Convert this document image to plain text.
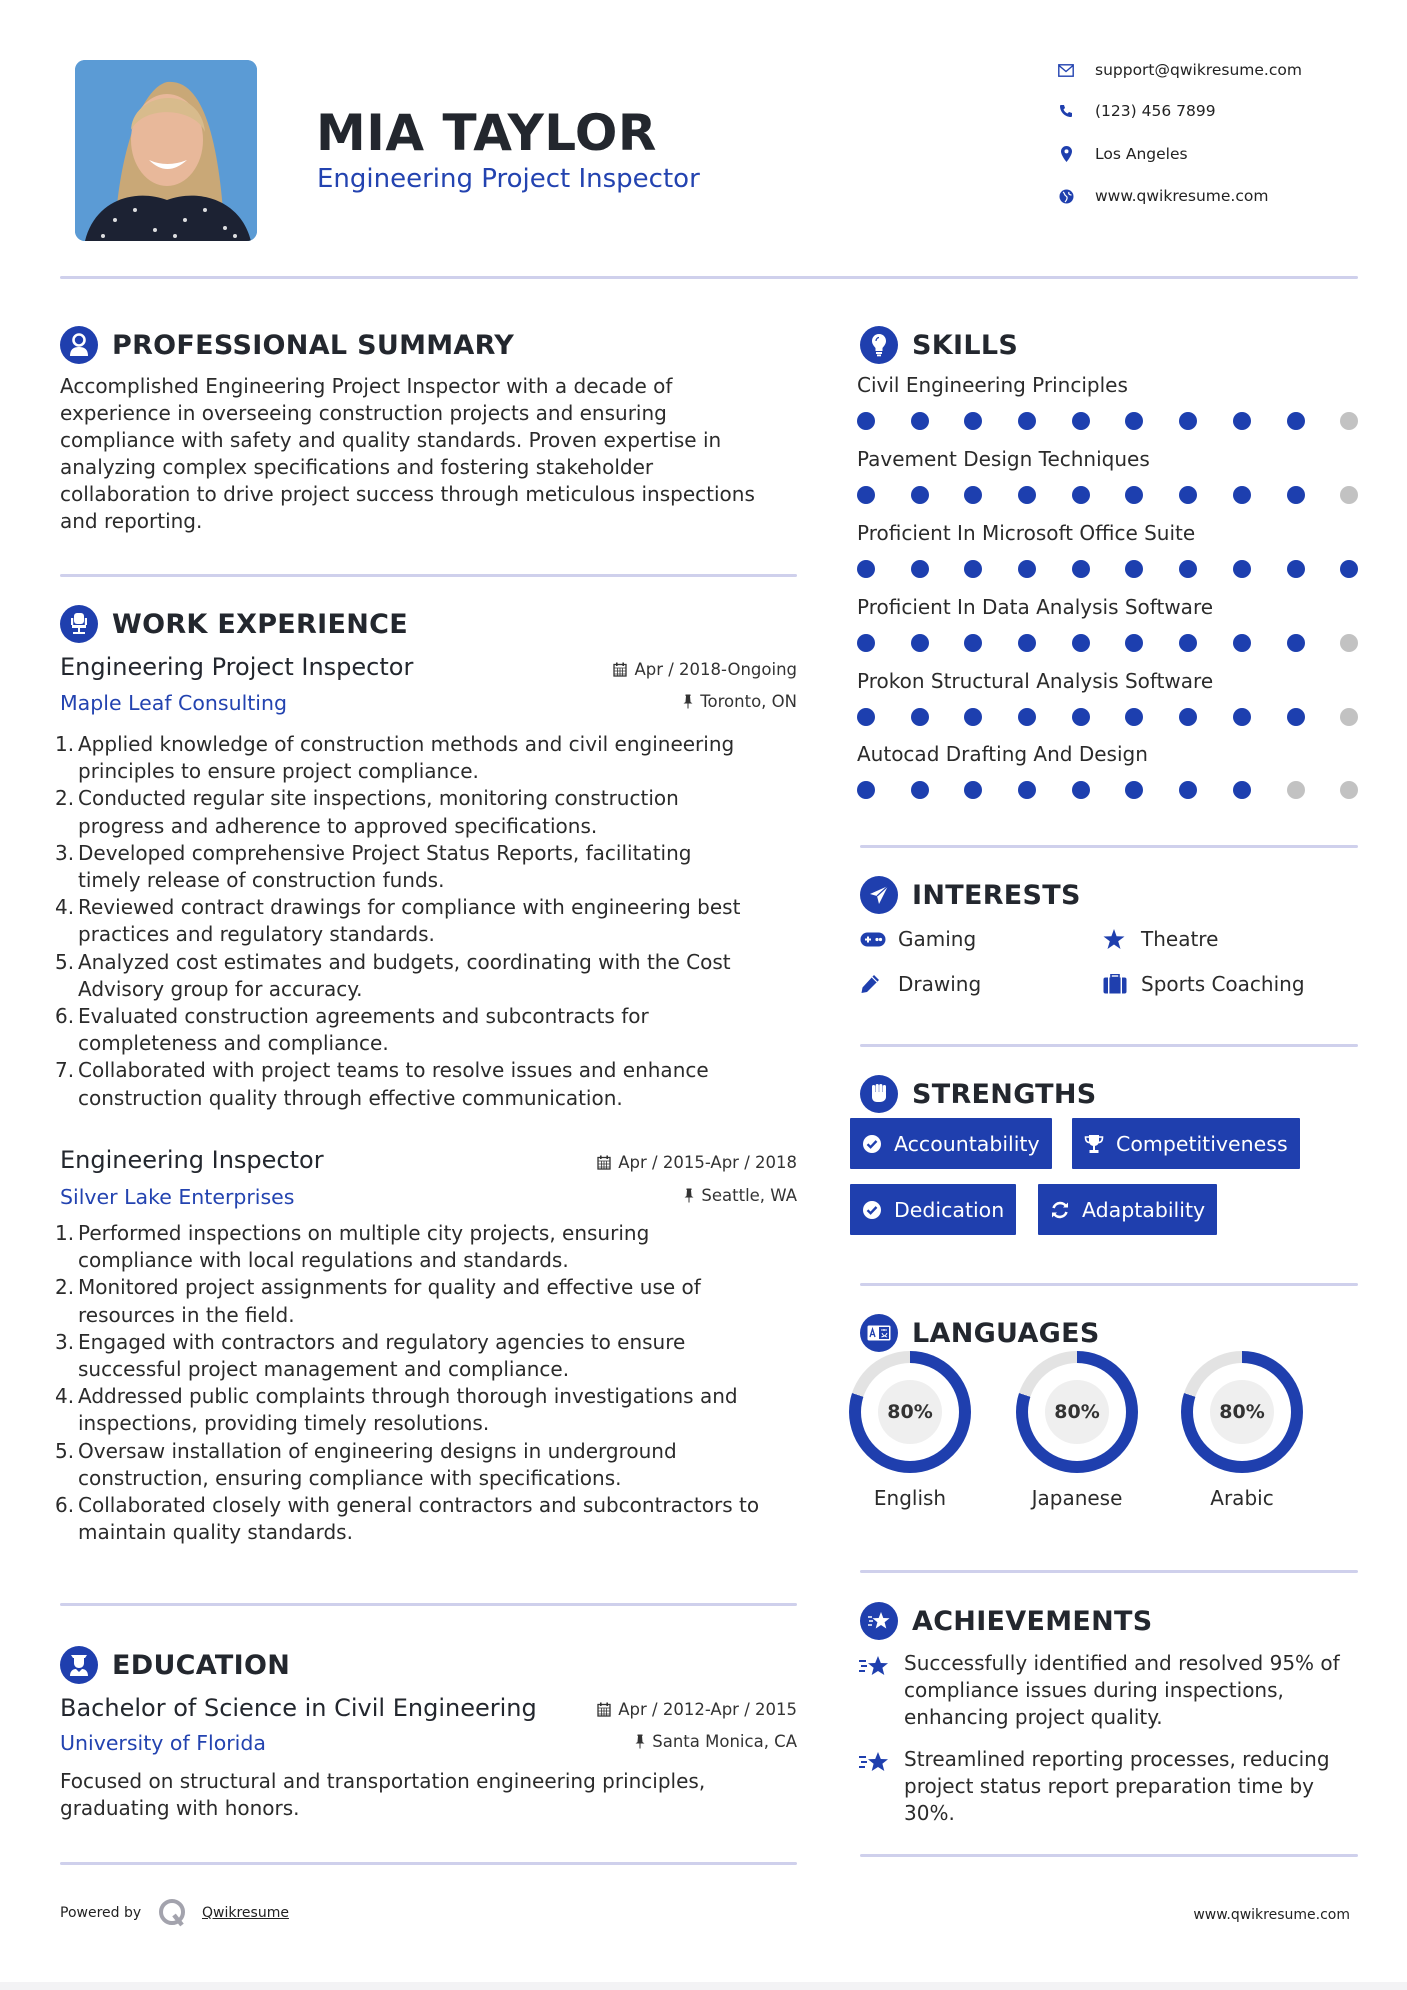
MIA TAYLOR
Engineering Project Inspector
support@qwikresume.com
(123) 456 7899
Los Angeles
www.qwikresume.com
PROFESSIONAL SUMMARY
Accomplished Engineering Project Inspector with a decade of
experience in overseeing construction projects and ensuring
compliance with safety and quality standards. Proven expertise in
analyzing complex specifications and fostering stakeholder
collaboration to drive project success through meticulous inspections
and reporting.
WORK EXPERIENCE
Engineering Project Inspector	Apr / 2018-Ongoing
Maple Leaf Consulting	Toronto, ON
1. Applied knowledge of construction methods and civil engineering
principles to ensure project compliance.
2. Conducted regular site inspections, monitoring construction
progress and adherence to approved specifications.
3. Developed comprehensive Project Status Reports, facilitating
timely release of construction funds.
4. Reviewed contract drawings for compliance with engineering best
practices and regulatory standards.
5. Analyzed cost estimates and budgets, coordinating with the Cost
Advisory group for accuracy.
6. Evaluated construction agreements and subcontracts for
completeness and compliance.
7. Collaborated with project teams to resolve issues and enhance
construction quality through effective communication.
Engineering Inspector	Apr / 2015-Apr / 2018
Silver Lake Enterprises	Seattle, WA
1. Performed inspections on multiple city projects, ensuring
compliance with local regulations and standards.
2. Monitored project assignments for quality and effective use of
resources in the field.
3. Engaged with contractors and regulatory agencies to ensure
successful project management and compliance.
4. Addressed public complaints through thorough investigations and
inspections, providing timely resolutions.
5. Oversaw installation of engineering designs in underground
construction, ensuring compliance with specifications.
6. Collaborated closely with general contractors and subcontractors to
maintain quality standards.
EDUCATION
Bachelor of Science in Civil Engineering	Apr / 2012-Apr / 2015
University of Florida	Santa Monica, CA
Focused on structural and transportation engineering principles,
graduating with honors.
SKILLS
Civil Engineering Principles
Pavement Design Techniques
Proficient In Microsoft Office Suite
Proficient In Data Analysis Software
Prokon Structural Analysis Software
Autocad Drafting And Design
INTERESTS
Gaming	Theatre
Drawing	Sports Coaching
STRENGTHS
Accountability	Competitiveness
Dedication	Adaptability
LANGUAGES
80%
English
80%
Japanese
80%
Arabic
ACHIEVEMENTS
Successfully identified and resolved 95% of
compliance issues during inspections,
enhancing project quality.
Streamlined reporting processes, reducing
project status report preparation time by
30%.
Powered by	Qwikresume	www.qwikresume.com
